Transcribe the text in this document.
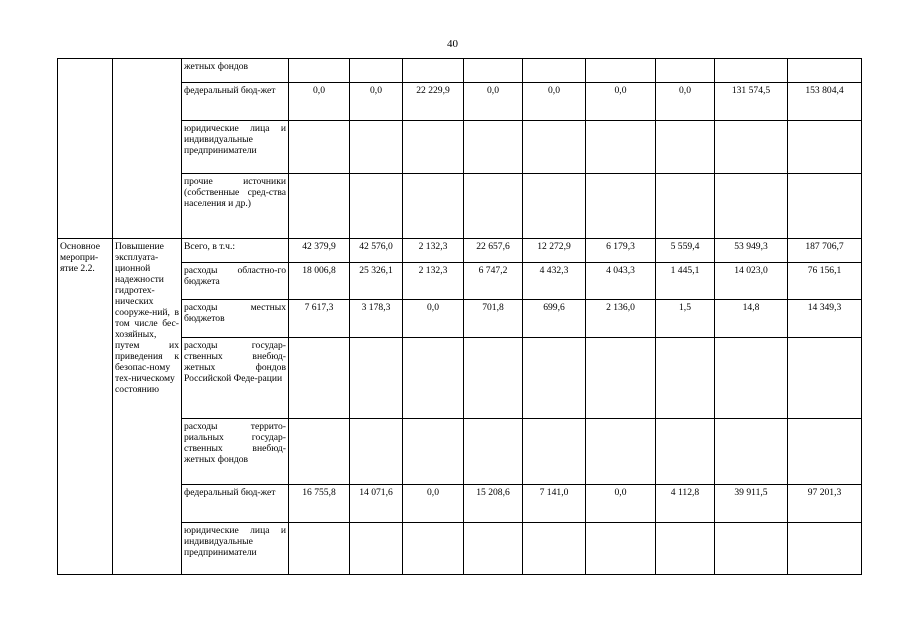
40
		жетных фондов									
		федеральный бюд-жет	0,0	0,0	22 229,9	0,0	0,0	0,0	0,0	131 574,5	153 804,4
		юридические лица и индивидуальные предприниматели									
		прочие источники (собственные сред-ства населения и др.)									
Основное меропри-ятие 2.2.	Повышение эксплуата-ционной надежности гидротех-нических сооруже-ний, в том числе бес-хозяйных, путем их приведения к безопас-ному тех-ническому состоянию	Всего, в т.ч.:	42 379,9	42 576,0	2 132,3	22 657,6	12 272,9	6 179,3	5 559,4	53 949,3	187 706,7
		расходы областно-го бюджета	18 006,8	25 326,1	2 132,3	6 747,2	4 432,3	4 043,3	1 445,1	14 023,0	76 156,1
		расходы местных бюджетов	7 617,3	3 178,3	0,0	701,8	699,6	2 136,0	1,5	14,8	14 349,3
		расходы государ-ственных внебюд-жетных фондов Российской Феде-рации									
		расходы террито-риальных государ-ственных внебюд-жетных фондов									
		федеральный бюд-жет	16 755,8	14 071,6	0,0	15 208,6	7 141,0	0,0	4 112,8	39 911,5	97 201,3
		юридические лица и индивидуальные предприниматели									
